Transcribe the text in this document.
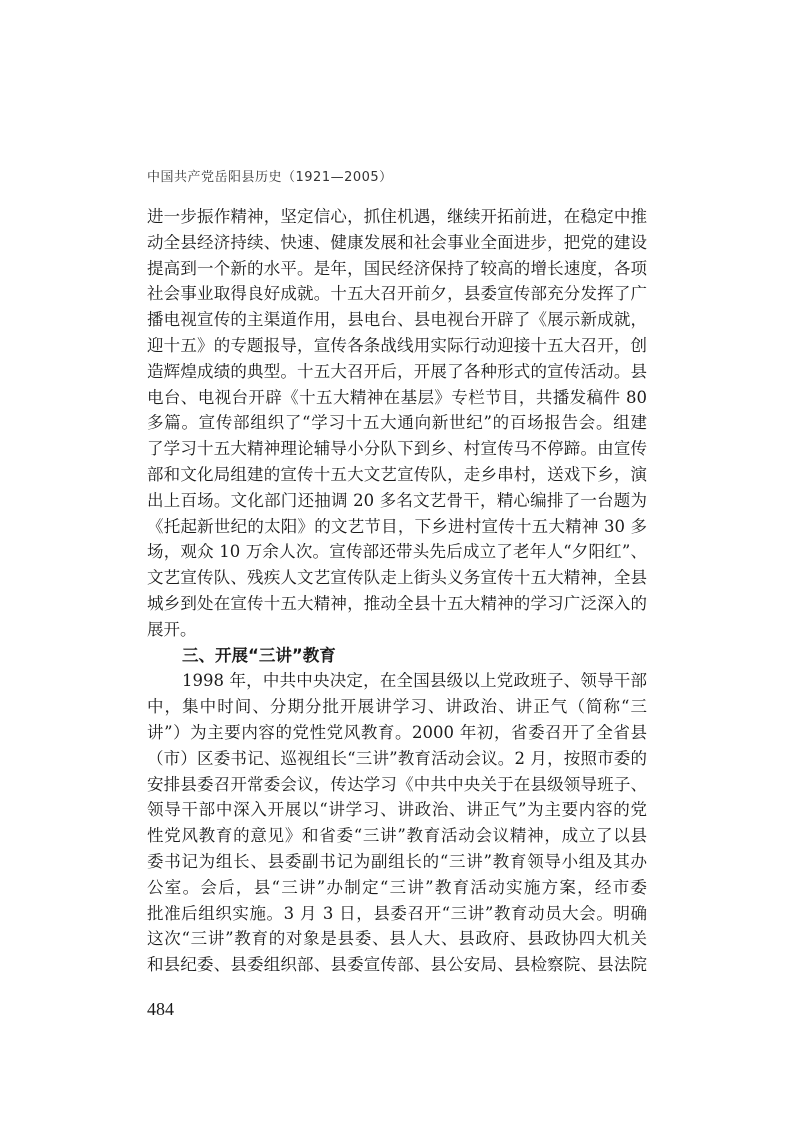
中国共产党岳阳县历史（1921—2005）
进一步振作精神，坚定信心，抓住机遇，继续开拓前进，在稳定中推
动全县经济持续、快速、健康发展和社会事业全面进步，把党的建设
提高到一个新的水平。是年，国民经济保持了较高的增长速度，各项
社会事业取得良好成就。十五大召开前夕，县委宣传部充分发挥了广
播电视宣传的主渠道作用，县电台、县电视台开辟了《展示新成就，
迎十五》的专题报导，宣传各条战线用实际行动迎接十五大召开，创
造辉煌成绩的典型。十五大召开后，开展了各种形式的宣传活动。县
电台、电视台开辟《十五大精神在基层》专栏节目，共播发稿件 80
多篇。宣传部组织了“学习十五大通向新世纪”的百场报告会。组建
了学习十五大精神理论辅导小分队下到乡、村宣传马不停蹄。由宣传
部和文化局组建的宣传十五大文艺宣传队，走乡串村，送戏下乡，演
出上百场。文化部门还抽调 20 多名文艺骨干，精心编排了一台题为
《托起新世纪的太阳》的文艺节目，下乡进村宣传十五大精神 30 多
场，观众 10 万余人次。宣传部还带头先后成立了老年人“夕阳红”、
文艺宣传队、残疾人文艺宣传队走上街头义务宣传十五大精神，全县
城乡到处在宣传十五大精神，推动全县十五大精神的学习广泛深入的
展开。
三、开展“三讲”教育
1998 年，中共中央决定，在全国县级以上党政班子、领导干部
中，集中时间、分期分批开展讲学习、讲政治、讲正气（简称“三
讲”）为主要内容的党性党风教育。2000 年初，省委召开了全省县
（市）区委书记、巡视组长“三讲”教育活动会议。2 月，按照市委的
安排县委召开常委会议，传达学习《中共中央关于在县级领导班子、
领导干部中深入开展以“讲学习、讲政治、讲正气”为主要内容的党
性党风教育的意见》和省委“三讲”教育活动会议精神，成立了以县
委书记为组长、县委副书记为副组长的“三讲”教育领导小组及其办
公室。会后，县“三讲”办制定“三讲”教育活动实施方案，经市委
批准后组织实施。3 月 3 日，县委召开“三讲”教育动员大会。明确
这次“三讲”教育的对象是县委、县人大、县政府、县政协四大机关
和县纪委、县委组织部、县委宣传部、县公安局、县检察院、县法院
484
